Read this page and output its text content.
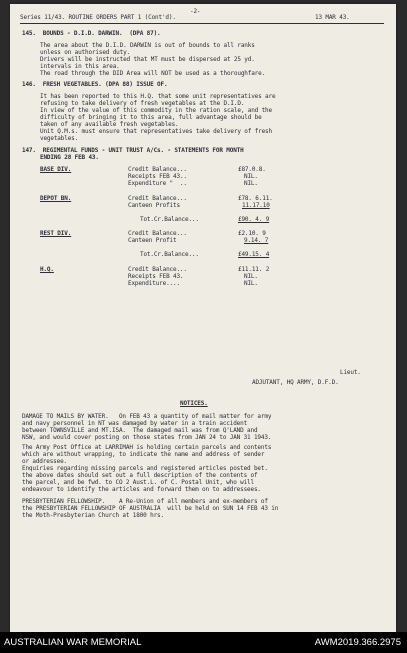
Series 11/43. ROUTINE ORDERS PART 1 (Cont'd).
-2-
13 MAR 43.
145.  BOUNDS - D.I.D. DARWIN.  (DPA 87).
The area about the D.I.D. DARWIN is out of bounds to all ranks
unless on authorised duty.
Drivers will be instructed that MT must be dispersed at 25 yd.
intervals in this area.
The road through the DID Area will NOT be used as a thoroughfare.
146.  FRESH VEGETABLES. (DPA 88) ISSUE OF.
It has been reported to this H.Q. that some unit representatives are
refusing to take delivery of fresh vegetables at the D.I.D.
In view of the value of this commodity in the ration scale, and the
difficulty of bringing it to this area, full advantage should be
taken of any available fresh vegetables.
Unit Q.M.s. must ensure that representatives take delivery of fresh
vegetables.
147.  REGIMENTAL FUNDS - UNIT TRUST A/Cs. - STATEMENTS FOR MONTH
ENDING 28 FEB 43.
BASE DIV.	Credit Balance...	£87.0.8.
Receipts FEB 43..	NIL.
Expenditure "  ..	NIL.
DEPOT BN.	Credit Balance...	£78. 6.11.
Canteen Profits	11.17.10
Tot.Cr.Balance...	£90. 4. 9
REST DIV.	Credit Balance...	£2.10. 9
Canteen Profit	9.14. 7
Tot.Cr.Balance...	£49.15. 4
H.Q.	Credit Balance...	£11.11. 2
Receipts FEB 43.	NIL.
Expenditure....	NIL.
Lieut.
ADJUTANT, HQ ARMY, D.F.D.
NOTICES.
DAMAGE TO MAILS BY WATER.   On FEB 43 a quantity of mail matter for army
and navy personnel in NT was damaged by water in a train accident
between TOWNSVILLE and MT.ISA.  The damaged mail was from Q'LAND and
NSW, and would cover posting on those states from JAN 24 to JAN 31 1943.
The Army Post Office at LARRIMAH is holding certain parcels and contents
which are without wrapping, to indicate the name and address of sender
or addressee.
Enquiries regarding missing parcels and registered articles posted bet.
the above dates should set out a full description of the contents of
the parcel, and be fwd. to CO 2 Aust.L. of C. Postal Unit, who will
endeavour to identify the articles and forward them on to addressees.
PRESBYTERIAN FELLOWSHIP.    A Re-Union of all members and ex-members of
the PRESBYTERIAN FELLOWSHIP OF AUSTRALIA  will be held on SUN 14 FEB 43 in
the Moth-Presbyterian Church at 1800 hrs.
AUSTRALIAN WAR MEMORIAL	AWM2019.366.2975
